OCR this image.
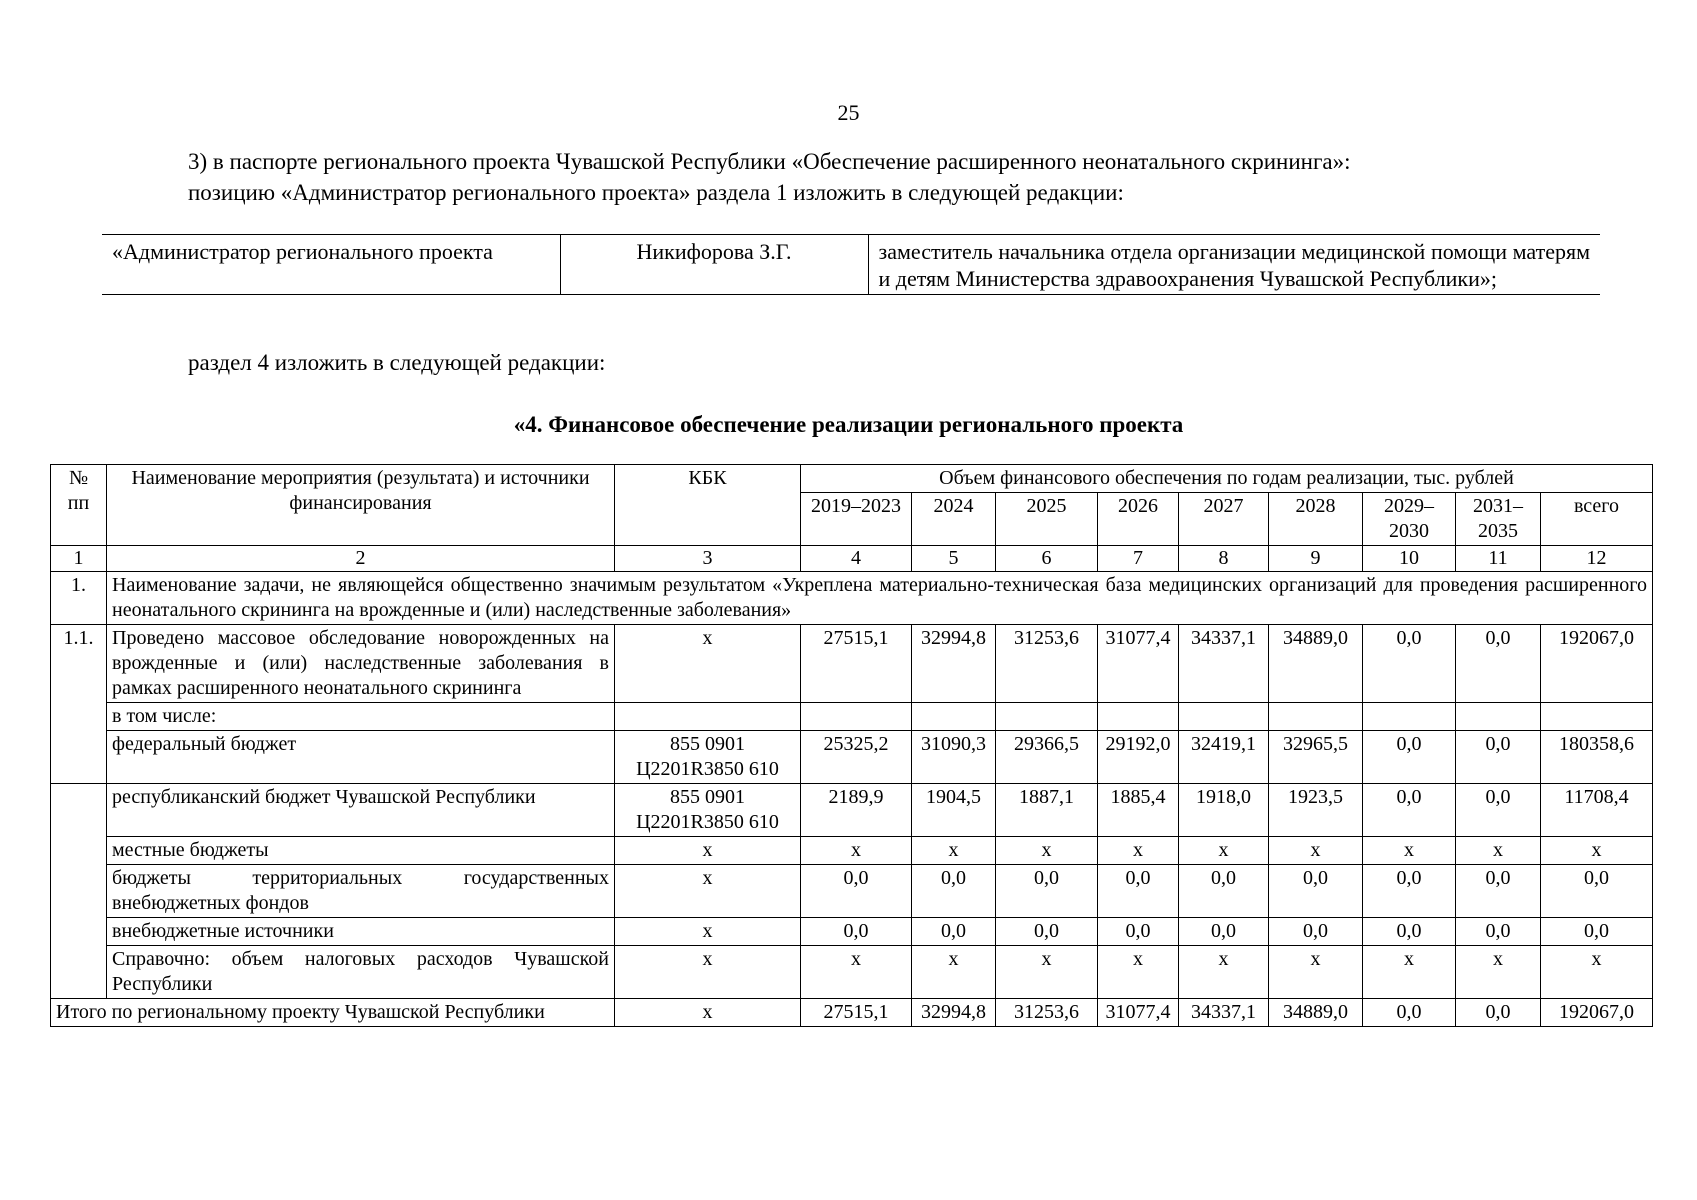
25
3) в паспорте регионального проекта Чувашской Республики «Обеспечение расширенного неонатального скрининга»:
позицию «Администратор регионального проекта» раздела 1 изложить в следующей редакции:
«Администратор регионального проекта	Никифорова З.Г.	заместитель начальника отдела организации медицинской помощи матерям и детям Министерства здравоохранения Чувашской Республики»;
раздел 4 изложить в следующей редакции:
«4. Финансовое обеспечение реализации регионального проекта
№ пп	Наименование мероприятия (результата) и источники финансирования	КБК	Объем финансового обеспечения по годам реализации, тыс. рублей								
			2019–2023	2024	2025	2026	2027	2028	2029–2030	2031–2035	всего
1	2	3	4	5	6	7	8	9	10	11	12
1.	Наименование задачи, не являющейся общественно значимым результатом «Укреплена материально-техническая база медицинских организаций для проведения расширенного неонатального скрининга на врожденные и (или) наследственные заболевания»										
1.1.	Проведено массовое обследование новорожденных на врожденные и (или) наследственные заболевания в рамках расширенного неонатального скрининга	х	27515,1	32994,8	31253,6	31077,4	34337,1	34889,0	0,0	0,0	192067,0
	в том числе:										
	федеральный бюджет	855 0901 Ц2201R3850 610	25325,2	31090,3	29366,5	29192,0	32419,1	32965,5	0,0	0,0	180358,6
	республиканский бюджет Чувашской Республики	855 0901 Ц2201R3850 610	2189,9	1904,5	1887,1	1885,4	1918,0	1923,5	0,0	0,0	11708,4
	местные бюджеты	х	х	х	х	х	х	х	х	х	х
	бюджеты территориальных государственных внебюджетных фондов	х	0,0	0,0	0,0	0,0	0,0	0,0	0,0	0,0	0,0
	внебюджетные источники	х	0,0	0,0	0,0	0,0	0,0	0,0	0,0	0,0	0,0
	Справочно: объем налоговых расходов Чувашской Республики	х	х	х	х	х	х	х	х	х	х
Итого по региональному проекту Чувашской Республики		х	27515,1	32994,8	31253,6	31077,4	34337,1	34889,0	0,0	0,0	192067,0
